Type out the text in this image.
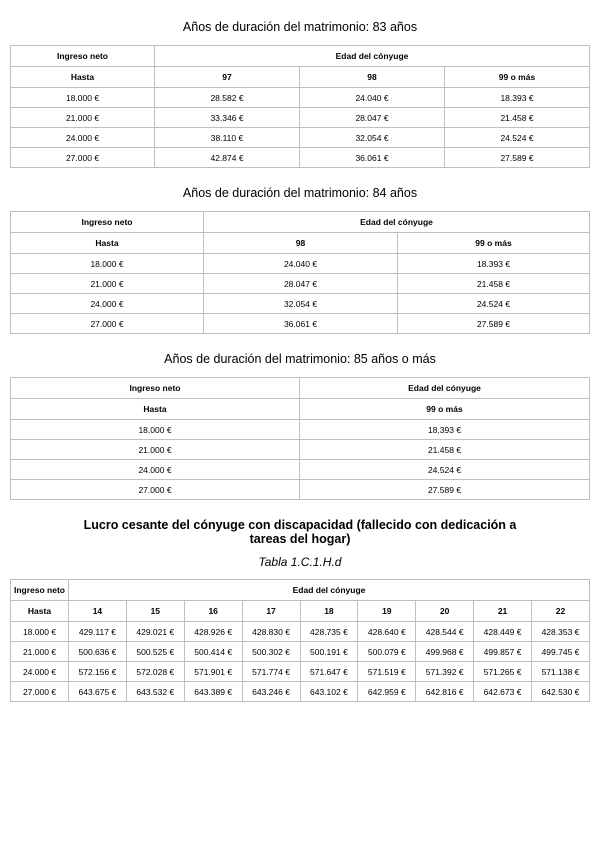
Años de duración del matrimonio: 83 años

Ingreso neto	Edad del cónyuge		
Hasta	97	98	99 o más
18.000 €	28.582 €	24.040 €	18.393 €
21.000 €	33.346 €	28.047 €	21.458 €
24.000 €	38.110 €	32.054 €	24.524 €
27.000 €	42.874 €	36.061 €	27.589 €

Años de duración del matrimonio: 84 años

Ingreso neto	Edad del cónyuge	
Hasta	98	99 o más
18.000 €	24.040 €	18.393 €
21.000 €	28.047 €	21.458 €
24.000 €	32.054 €	24.524 €
27.000 €	36.061 €	27.589 €

Años de duración del matrimonio: 85 años o más

Ingreso neto	Edad del cónyuge
Hasta	99 o más
18.000 €	18.393 €
21.000 €	21.458 €
24.000 €	24.524 €
27.000 €	27.589 €

Lucro cesante del cónyuge con discapacidad (fallecido con dedicación a tareas del hogar)

Tabla 1.C.1.H.d

Ingreso neto	Edad del cónyuge								
Hasta	14	15	16	17	18	19	20	21	22
18.000 €	429.117 €	429.021 €	428.926 €	428.830 €	428.735 €	428.640 €	428.544 €	428.449 €	428.353 €
21.000 €	500.636 €	500.525 €	500.414 €	500.302 €	500.191 €	500.079 €	499.968 €	499.857 €	499.745 €
24.000 €	572.156 €	572.028 €	571.901 €	571.774 €	571.647 €	571.519 €	571.392 €	571.265 €	571.138 €
27.000 €	643.675 €	643.532 €	643.389 €	643.246 €	643.102 €	642.959 €	642.816 €	642.673 €	642.530 €
